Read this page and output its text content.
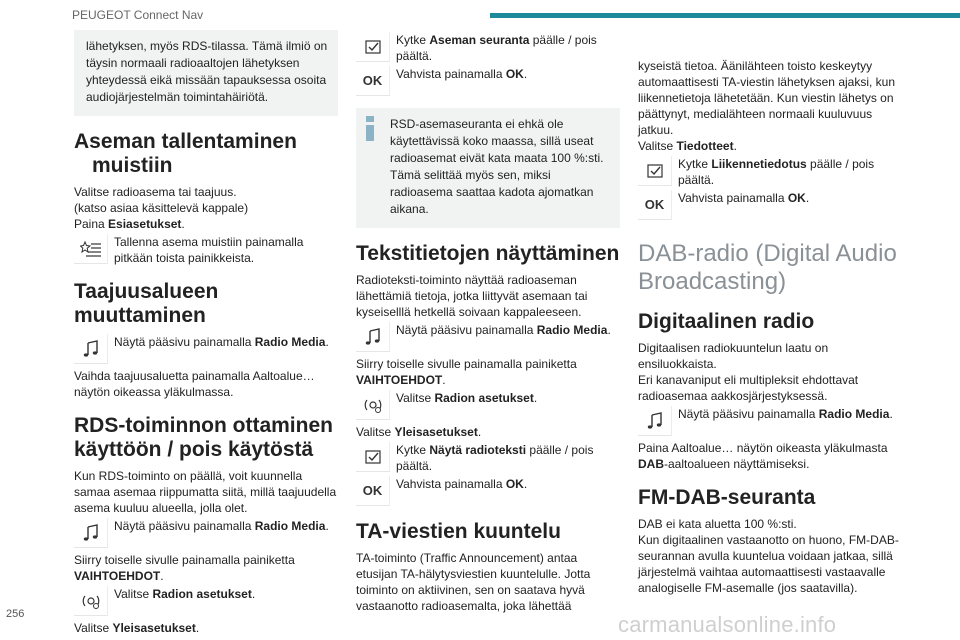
PEUGEOT Connect Nav

lähetyksen, myös RDS-tilassa. Tämä ilmiö on täysin normaali radioaaltojen lähetyksen yhteydessä eikä missään tapauksessa osoita audiojärjestelmän toimintahäiriötä.

Aseman tallentaminen muistiin

Valitse radioasema tai taajuus.

(katso asiaa käsittelevä kappale)

Paina Esiasetukset.

Tallenna asema muistiin painamalla pitkään toista painikkeista.
Taajuusalueen muuttaminen
Näytä pääsivu painamalla Radio Media.

Vaihda taajuusaluetta painamalla Aaltoalue… näytön oikeassa yläkulmassa.

RDS-toiminnon ottaminen käyttöön / pois käytöstä

Kun RDS-toiminto on päällä, voit kuunnella samaa asemaa riippumatta siitä, millä taajuudella asema kuuluu alueella, jolla olet.

Näytä pääsivu painamalla Radio Media.

Siirry toiselle sivulle painamalla painiketta VAIHTOEHDOT.

Valitse Radion asetukset.

Valitse Yleisasetukset.

Kytke Aseman seuranta päälle / pois päältä.
OK	Vahvista painamalla OK.

RSD-asemaseuranta ei ehkä ole käytettävissä koko maassa, sillä useat radioasemat eivät kata maata 100 %:sti. Tämä selittää myös sen, miksi radioasema saattaa kadota ajomatkan aikana.

Tekstitietojen näyttäminen

Radioteksti-toiminto näyttää radioaseman lähettämiä tietoja, jotka liittyvät asemaan tai kyseiselllä hetkellä soivaan kappaleeseen.

Näytä pääsivu painamalla Radio Media.

Siirry toiselle sivulle painamalla painiketta VAIHTOEHDOT.

Valitse Radion asetukset.

Valitse Yleisasetukset.

Kytke Näytä radioteksti päälle / pois päältä.
OK	Vahvista painamalla OK.
TA-viestien kuuntelu

TA-toiminto (Traffic Announcement) antaa etusijan TA-hälytysviestien kuuntelulle. Jotta toiminto on aktiivinen, sen on saatava hyvä vastaanotto radioasemalta, joka lähettää

kyseistä tietoa. Äänilähteen toisto keskeytyy automaattisesti TA-viestin lähetyksen ajaksi, kun liikennetietoja lähetetään. Kun viestin lähetys on päättynyt, medialähteen normaali kuuluvuus jatkuu.

Valitse Tiedotteet.

Kytke Liikennetiedotus päälle / pois päältä.
OK	Vahvista painamalla OK.
DAB-radio (Digital Audio Broadcasting)
Digitaalinen radio

Digitaalisen radiokuuntelun laatu on ensiluokkaista.

Eri kanavaniput eli multipleksit ehdottavat radioasemaa aakkosjärjestyksessä.

Näytä pääsivu painamalla Radio Media.

Paina Aaltoalue… näytön oikeasta yläkulmasta DAB-aaltoalueen näyttämiseksi.

FM-DAB-seuranta

DAB ei kata aluetta 100 %:sti.

Kun digitaalinen vastaanotto on huono, FM-DAB-seurannan avulla kuuntelua voidaan jatkaa, sillä järjestelmä vaihtaa automaattisesti vastaavalle analogiselle FM-asemalle (jos saatavilla).

256	carmanualsonline.info
